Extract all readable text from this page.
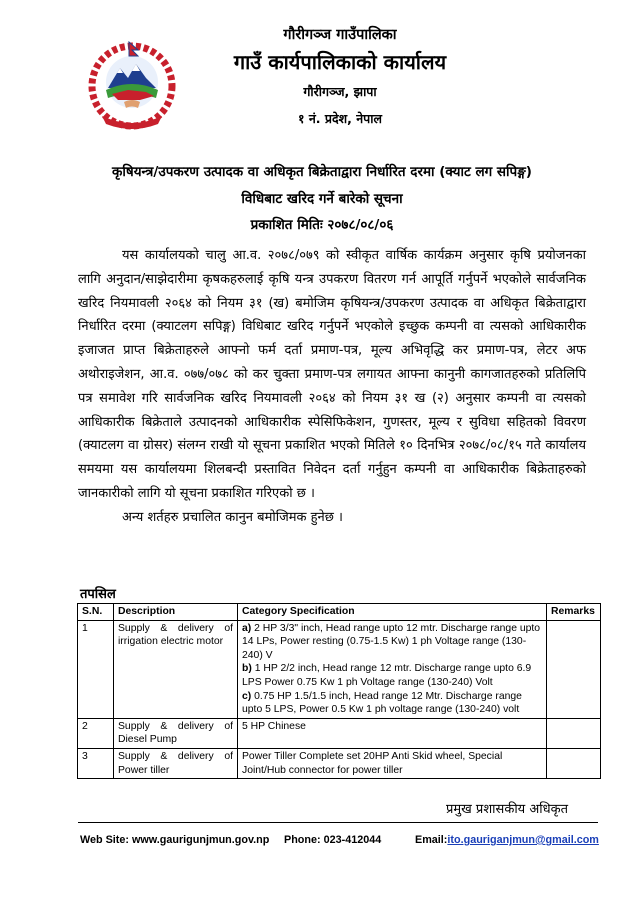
गौरीगञ्ज गाउँपालिका
गाउँ कार्यपालिकाको कार्यालय
गौरीगञ्ज, झापा
१ नं. प्रदेश, नेपाल
कृषियन्त्र/उपकरण उत्पादक वा अधिकृत बिक्रेताद्वारा निर्धारित दरमा (क्याट लग सपिङ्ग)
विधिबाट खरिद गर्ने बारेको सूचना
प्रकाशित मितिः २०७८/०८/०६

यस कार्यालयको चालु आ.व. २०७८/०७९ को स्वीकृत वार्षिक कार्यक्रम अनुसार कृषि प्रयोजनका लागि अनुदान/साझेदारीमा कृषकहरुलाई कृषि यन्त्र उपकरण वितरण गर्न आपूर्ति गर्नुपर्ने भएकोले सार्वजनिक खरिद नियमावली २०६४ को नियम ३१ (ख) बमोजिम कृषियन्त्र/उपकरण उत्पादक वा अधिकृत बिक्रेताद्वारा निर्धारित दरमा (क्याटलग सपिङ्ग) विधिबाट खरिद गर्नुपर्ने भएकोले इच्छुक कम्पनी वा त्यसको आधिकारीक इजाजत प्राप्त बिक्रेताहरुले आफ्नो फर्म दर्ता प्रमाण-पत्र, मूल्य अभिवृद्धि कर प्रमाण-पत्र, लेटर अफ अथोराइजेशन, आ.व. ०७७/०७८ को कर चुक्ता प्रमाण-पत्र लगायत आफ्ना कानुनी कागजातहरुको प्रतिलिपि पत्र समावेश गरि सार्वजनिक खरिद नियमावली २०६४ को नियम ३१ ख (२) अनुसार कम्पनी वा त्यसको आधिकारीक बिक्रेताले उत्पादनको आधिकारीक स्पेसिफिकेशन, गुणस्तर, मूल्य र सुविधा सहितको विवरण (क्याटलग वा ग्रोसर) संलग्न राखी यो सूचना प्रकाशित भएको मितिले १० दिनभित्र २०७८/०८/१५ गते कार्यालय समयमा यस कार्यालयमा शिलबन्दी प्रस्तावित निवेदन दर्ता गर्नुहुन कम्पनी वा आधिकारीक बिक्रेताहरुको जानकारीको लागि यो सूचना प्रकाशित गरिएको छ ।

अन्य शर्तहरु प्रचालित कानुन बमोजिमक हुनेछ ।

तपसिल
S.N.	Description	Category Specification	Remarks
1	Supply & delivery of irrigation electric motor	a) 2 HP 3/3" inch, Head range upto 12 mtr. Discharge range upto 14 LPs, Power resting (0.75-1.5 Kw) 1 ph Voltage range (130-240) V
b) 1 HP 2/2 inch, Head range 12 mtr. Discharge range upto 6.9 LPS Power 0.75 Kw 1 ph Voltage range (130-240) Volt
c) 0.75 HP 1.5/1.5 inch, Head range 12 Mtr. Discharge range upto 5 LPS, Power 0.5 Kw 1 ph voltage range (130-240) volt	

2	Supply & delivery of Diesel Pump	5 HP Chinese	
3	Supply & delivery of Power tiller	Power Tiller Complete set 20HP Anti Skid wheel, Special Joint/Hub connector for power tiller	
प्रमुख प्रशासकीय अधिकृत
Web Site: www.gaurigunjmun.gov.np Phone: 023-412044	Email:ito.gauriganjmun@gmail.com
